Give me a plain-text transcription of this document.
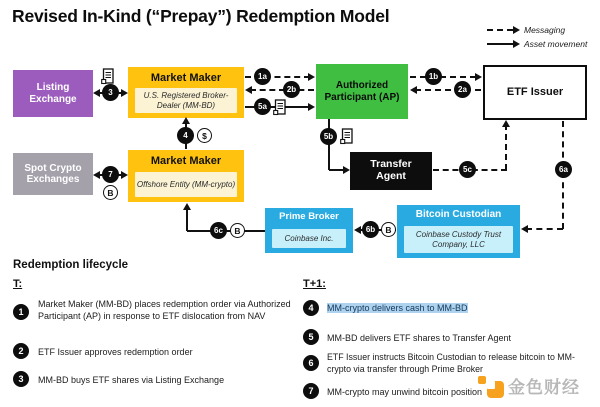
Revised In-Kind (“Prepay”) Redemption Model
Messaging
Asset movement
Listing Exchange
Market Maker
U.S. Registered Broker-Dealer (MM-BD)
Authorized Participant (AP)	ETF Issuer
Spot Crypto Exchanges
Market Maker
Offshore Entity (MM-crypto)
Transfer Agent
Prime Broker
Coinbase Inc.
Bitcoin Custodian
Coinbase Custody Trust Company, LLC
3
1a
2b
5a
1b
2a
4	$	5b
5c	6a
6b	B
6c	B
7
B
Redemption lifecycle
T:
1
Market Maker (MM-BD) places redemption order via Authorized Participant (AP) in response to ETF dislocation from NAV
2	ETF Issuer approves redemption order
3	MM-BD buys ETF shares via Listing Exchange
T+1:
4	MM-crypto delivers cash to MM-BD
5	MM-BD delivers ETF shares to Transfer Agent
6
ETF Issuer instructs Bitcoin Custodian to release bitcoin to MM-crypto via transfer through Prime Broker
7	MM-crypto may unwind bitcoin position	金色财经
